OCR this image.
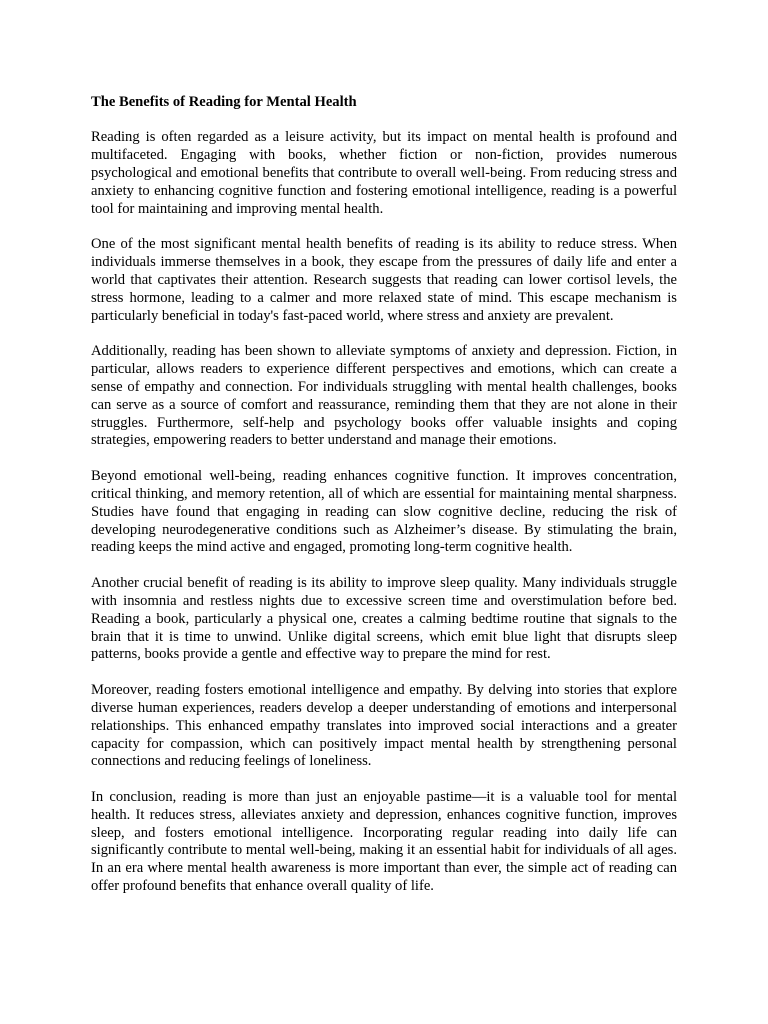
The Benefits of Reading for Mental Health

Reading is often regarded as a leisure activity, but its impact on mental health is profound and multifaceted. Engaging with books, whether fiction or non-fiction, provides numerous psychological and emotional benefits that contribute to overall well-being. From reducing stress and anxiety to enhancing cognitive function and fostering emotional intelligence, reading is a powerful tool for maintaining and improving mental health.

One of the most significant mental health benefits of reading is its ability to reduce stress. When individuals immerse themselves in a book, they escape from the pressures of daily life and enter a world that captivates their attention. Research suggests that reading can lower cortisol levels, the stress hormone, leading to a calmer and more relaxed state of mind. This escape mechanism is particularly beneficial in today's fast-paced world, where stress and anxiety are prevalent.

Additionally, reading has been shown to alleviate symptoms of anxiety and depression. Fiction, in particular, allows readers to experience different perspectives and emotions, which can create a sense of empathy and connection. For individuals struggling with mental health challenges, books can serve as a source of comfort and reassurance, reminding them that they are not alone in their struggles. Furthermore, self-help and psychology books offer valuable insights and coping strategies, empowering readers to better understand and manage their emotions.

Beyond emotional well-being, reading enhances cognitive function. It improves concentration, critical thinking, and memory retention, all of which are essential for maintaining mental sharpness. Studies have found that engaging in reading can slow cognitive decline, reducing the risk of developing neurodegenerative conditions such as Alzheimer’s disease. By stimulating the brain, reading keeps the mind active and engaged, promoting long-term cognitive health.

Another crucial benefit of reading is its ability to improve sleep quality. Many individuals struggle with insomnia and restless nights due to excessive screen time and overstimulation before bed. Reading a book, particularly a physical one, creates a calming bedtime routine that signals to the brain that it is time to unwind. Unlike digital screens, which emit blue light that disrupts sleep patterns, books provide a gentle and effective way to prepare the mind for rest.

Moreover, reading fosters emotional intelligence and empathy. By delving into stories that explore diverse human experiences, readers develop a deeper understanding of emotions and interpersonal relationships. This enhanced empathy translates into improved social interactions and a greater capacity for compassion, which can positively impact mental health by strengthening personal connections and reducing feelings of loneliness.

In conclusion, reading is more than just an enjoyable pastime—it is a valuable tool for mental health. It reduces stress, alleviates anxiety and depression, enhances cognitive function, improves sleep, and fosters emotional intelligence. Incorporating regular reading into daily life can significantly contribute to mental well-being, making it an essential habit for individuals of all ages. In an era where mental health awareness is more important than ever, the simple act of reading can offer profound benefits that enhance overall quality of life.
